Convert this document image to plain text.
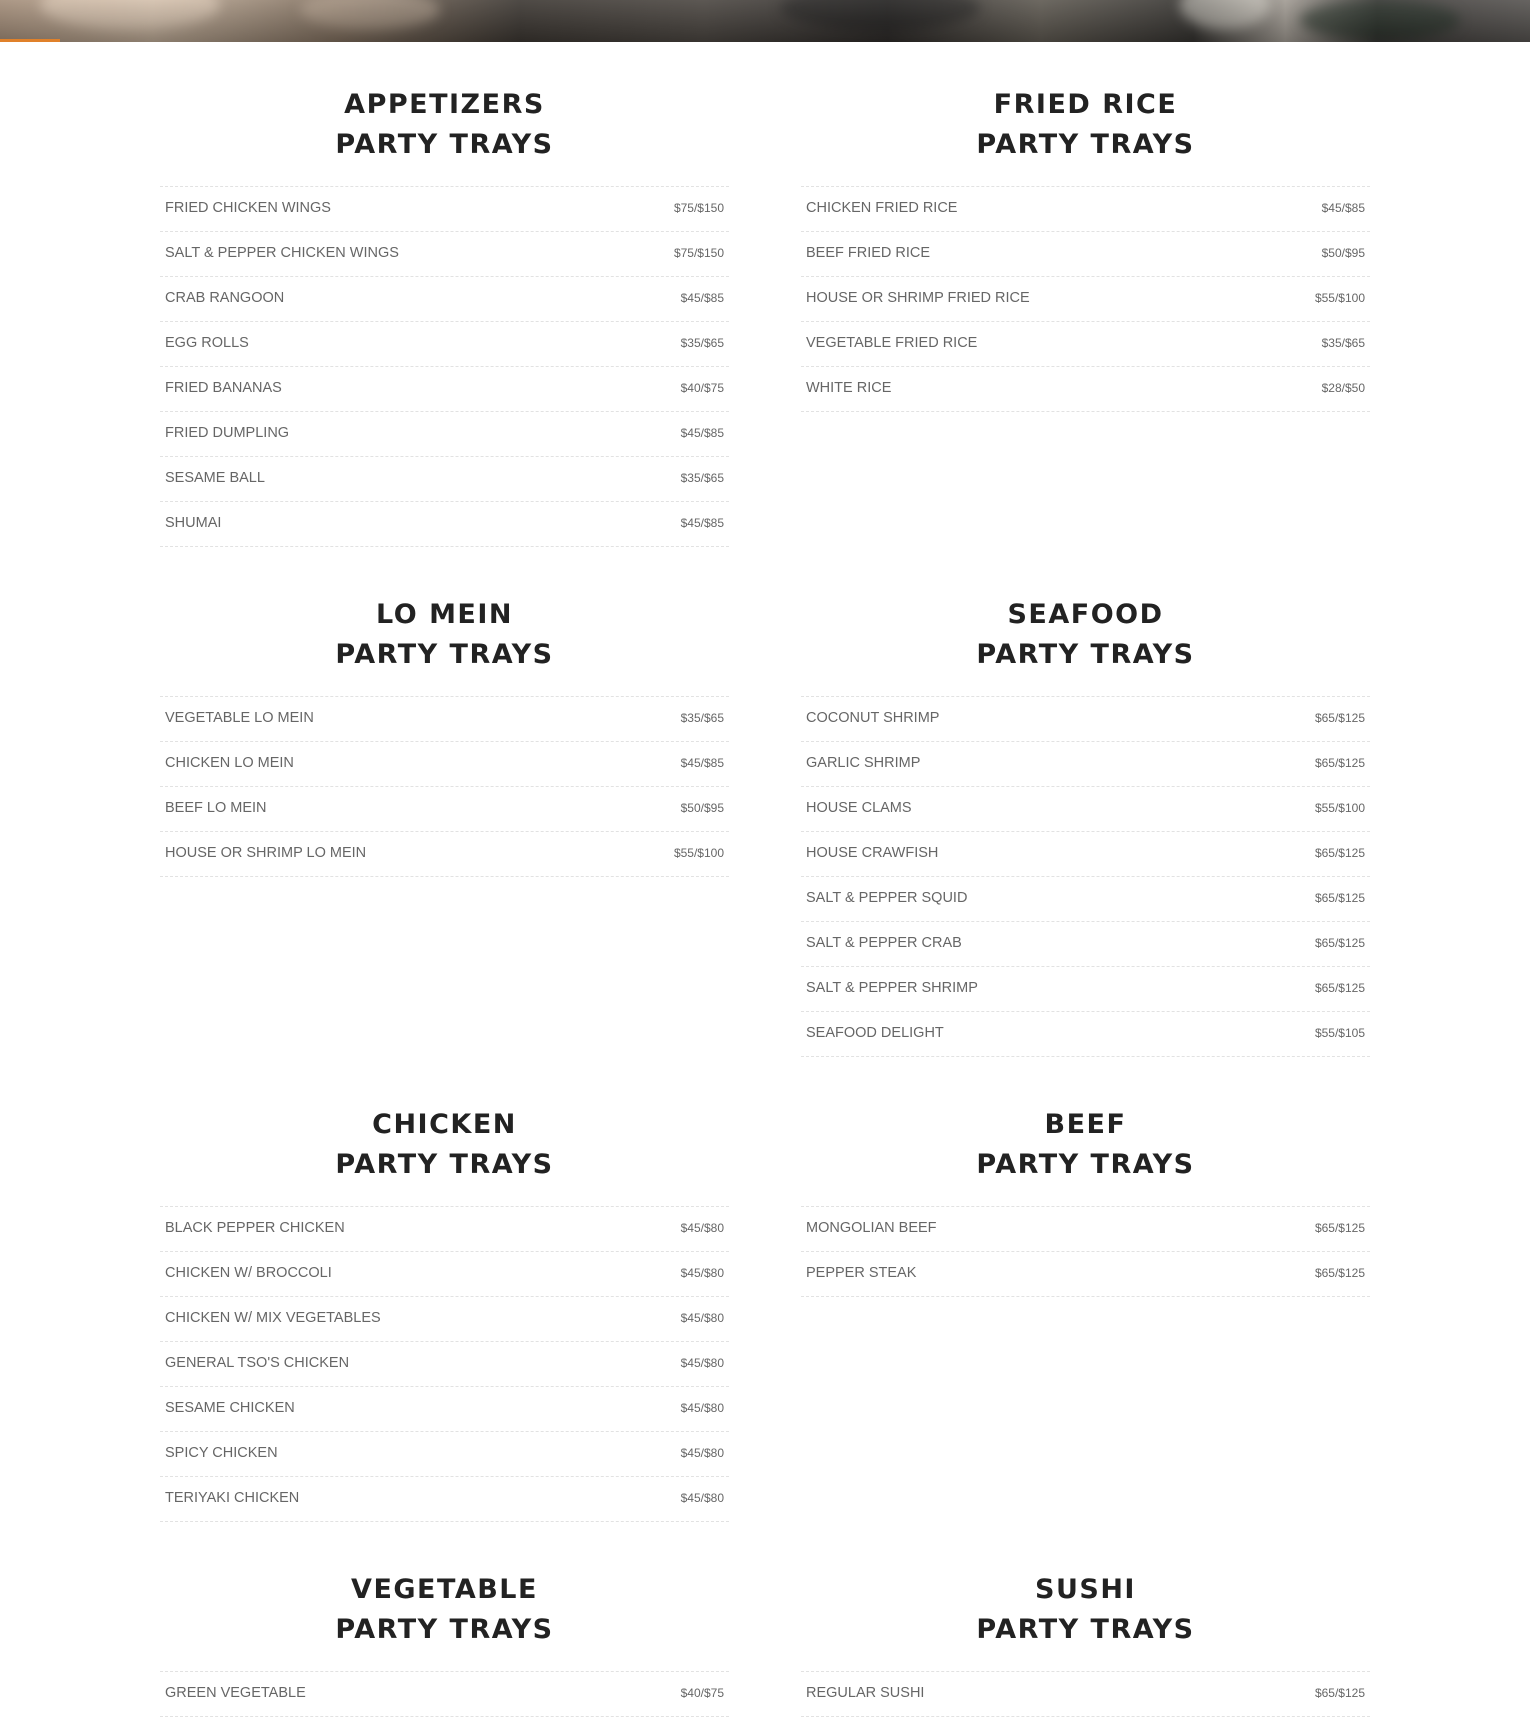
APPETIZERS
PARTY TRAYS
FRIED CHICKEN WINGS	$75/$150
SALT & PEPPER CHICKEN WINGS	$75/$150
CRAB RANGOON	$45/$85
EGG ROLLS	$35/$65
FRIED BANANAS	$40/$75
FRIED DUMPLING	$45/$85
SESAME BALL	$35/$65
SHUMAI	$45/$85
LO MEIN
PARTY TRAYS
VEGETABLE LO MEIN	$35/$65
CHICKEN LO MEIN	$45/$85
BEEF LO MEIN	$50/$95
HOUSE OR SHRIMP LO MEIN	$55/$100
CHICKEN
PARTY TRAYS
BLACK PEPPER CHICKEN	$45/$80
CHICKEN W/ BROCCOLI	$45/$80
CHICKEN W/ MIX VEGETABLES	$45/$80
GENERAL TSO'S CHICKEN	$45/$80
SESAME CHICKEN	$45/$80
SPICY CHICKEN	$45/$80
TERIYAKI CHICKEN	$45/$80
VEGETABLE
PARTY TRAYS
GREEN VEGETABLE	$40/$75
FRIED RICE
PARTY TRAYS
CHICKEN FRIED RICE	$45/$85
BEEF FRIED RICE	$50/$95
HOUSE OR SHRIMP FRIED RICE	$55/$100
VEGETABLE FRIED RICE	$35/$65
WHITE RICE	$28/$50
SEAFOOD
PARTY TRAYS
COCONUT SHRIMP	$65/$125
GARLIC SHRIMP	$65/$125
HOUSE CLAMS	$55/$100
HOUSE CRAWFISH	$65/$125
SALT & PEPPER SQUID	$65/$125
SALT & PEPPER CRAB	$65/$125
SALT & PEPPER SHRIMP	$65/$125
SEAFOOD DELIGHT	$55/$105
BEEF
PARTY TRAYS
MONGOLIAN BEEF	$65/$125
PEPPER STEAK	$65/$125
SUSHI
PARTY TRAYS
REGULAR SUSHI	$65/$125
